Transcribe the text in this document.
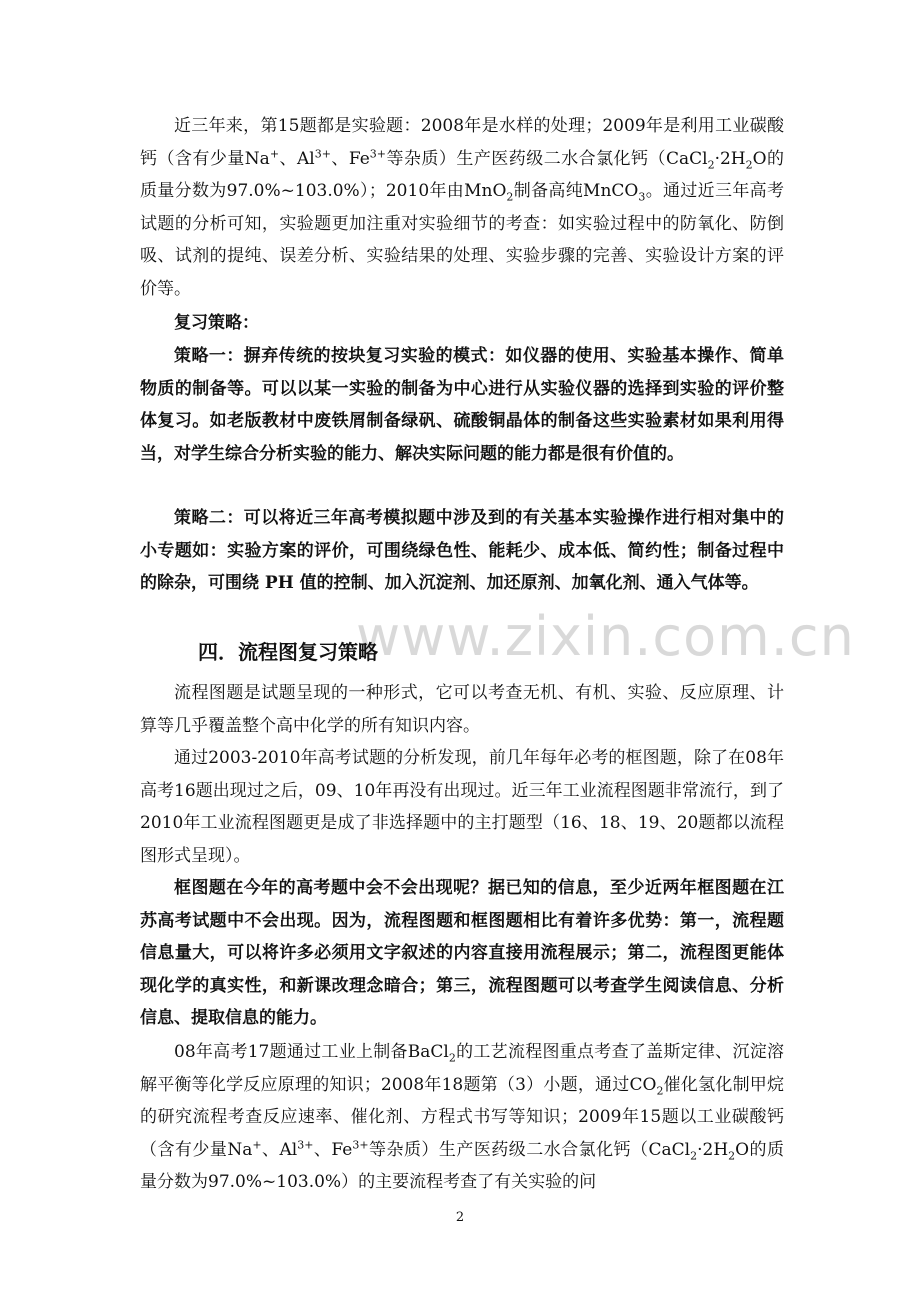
近三年来，第15题都是实验题：2008年是水样的处理；2009年是利用工业碳酸钙（含有少量Na+、$Al^{3+}$、$Fe^{3+}$等杂质）生产医药级二水合氯化钙（$CaCl_2\cdot 2H_2O$的质量分数为97.0%~103.0%）；2010年由MnO$_2$制备高纯MnCO$_3$。通过近三年高考试题的分析可知，实验题更加注重对实验细节的考查：如实验过程中的防氧化、防倒吸、试剂的提纯、误差分析、实验结果的处理、实验步骤的完善、实验设计方案的评价等。

复习策略：

策略一：摒弃传统的按块复习实验的模式：如仪器的使用、实验基本操作、简单物质的制备等。可以以某一实验的制备为中心进行从实验仪器的选择到实验的评价整体复习。如老版教材中废铁屑制备绿矾、硫酸铜晶体的制备这些实验素材如果利用得当，对学生综合分析实验的能力、解决实际问题的能力都是很有价值的。

策略二：可以将近三年高考模拟题中涉及到的有关基本实验操作进行相对集中的小专题如：实验方案的评价，可围绕绿色性、能耗少、成本低、简约性；制备过程中的除杂，可围绕 PH 值的控制、加入沉淀剂、加还原剂、加氧化剂、通入气体等。

www.zixin.com.cn

四．流程图复习策略

流程图题是试题呈现的一种形式，它可以考查无机、有机、实验、反应原理、计算等几乎覆盖整个高中化学的所有知识内容。

通过2003-2010年高考试题的分析发现，前几年每年必考的框图题，除了在08年高考16题出现过之后，09、10年再没有出现过。近三年工业流程图题非常流行，到了2010年工业流程图题更是成了非选择题中的主打题型（16、18、19、20题都以流程图形式呈现）。

框图题在今年的高考题中会不会出现呢？据已知的信息，至少近两年框图题在江苏高考试题中不会出现。因为，流程图题和框图题相比有着许多优势：第一，流程题信息量大，可以将许多必须用文字叙述的内容直接用流程展示；第二，流程图更能体现化学的真实性，和新课改理念暗合；第三，流程图题可以考查学生阅读信息、分析信息、提取信息的能力。

08年高考17题通过工业上制备BaCl$_2$的工艺流程图重点考查了盖斯定律、沉淀溶解平衡等化学反应原理的知识；2008年18题第（3）小题，通过$CO_2$催化氢化制甲烷的研究流程考查反应速率、催化剂、方程式书写等知识；2009年15题以工业碳酸钙（含有少量Na+、$Al^{3+}$、$Fe^{3+}$等杂质）生产医药级二水合氯化钙（$CaCl_2\cdot 2H_2O$的质量分数为97.0%~103.0%）的主要流程考查了有关实验的问

2
